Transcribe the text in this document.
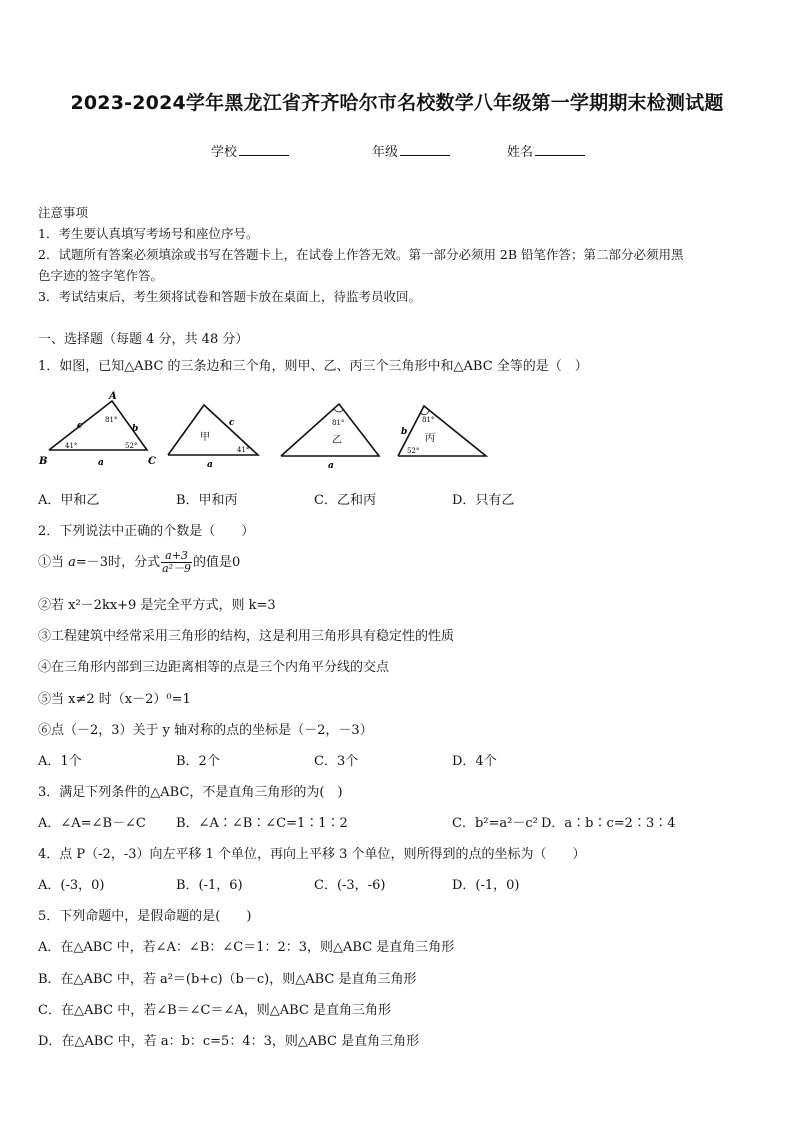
2023-2024学年黑龙江省齐齐哈尔市名校数学八年级第一学期期末检测试题
学校	年级	姓名
注意事项
1．考生要认真填写考场号和座位序号。
2．试题所有答案必须填涂或书写在答题卡上，在试卷上作答无效。第一部分必须用 2B 铅笔作答；第二部分必须用黑
色字迹的签字笔作答。
3．考试结束后，考生须将试卷和答题卡放在桌面上，待监考员收回。
一、选择题（每题 4 分，共 48 分）
1．如图，已知△ABC 的三条边和三个角，则甲、乙、丙三个三角形中和△ABC 全等的是（　）
A
B	C
c	b
a
81°
41°	52°
甲
c
a
41°
81°
乙
a
b
81°
丙
52°
A．甲和乙	B．甲和丙	C．乙和丙	D．只有乙
2．下列说法中正确的个数是（　　）
①当 a=－3时，分式 $\frac{a+3}{\text{a²－9}}$ 的值是0
②若 x²－2kx+9 是完全平方式，则 k=3
③工程建筑中经常采用三角形的结构，这是利用三角形具有稳定性的性质
④在三角形内部到三边距离相等的点是三个内角平分线的交点
⑤当 x≠2 时（x－2）⁰=1
⑥点（－2，3）关于 y 轴对称的点的坐标是（－2，－3）
A．1个	B．2个	C．3个	D．4个
3．满足下列条件的△ABC，不是直角三角形的为(　)
A．∠A=∠B－∠C B．∠A∶∠B∶∠C=1∶1∶2	C．b²=a²－c² D．a∶b∶c=2∶3∶4
4．点 P（-2，-3）向左平移 1 个单位，再向上平移 3 个单位，则所得到的点的坐标为（　　）
A．(-3，0)	B．(-1，6)	C．(-3，-6)	D．(-1，0)
5．下列命题中，是假命题的是(　　)
A．在△ABC 中，若∠A：∠B：∠C＝1：2：3，则△ABC 是直角三角形
B．在△ABC 中，若 a²＝(b+c)（b－c)，则△ABC 是直角三角形
C．在△ABC 中，若∠B＝∠C＝∠A，则△ABC 是直角三角形
D．在△ABC 中，若 a：b：c=5：4：3，则△ABC 是直角三角形
